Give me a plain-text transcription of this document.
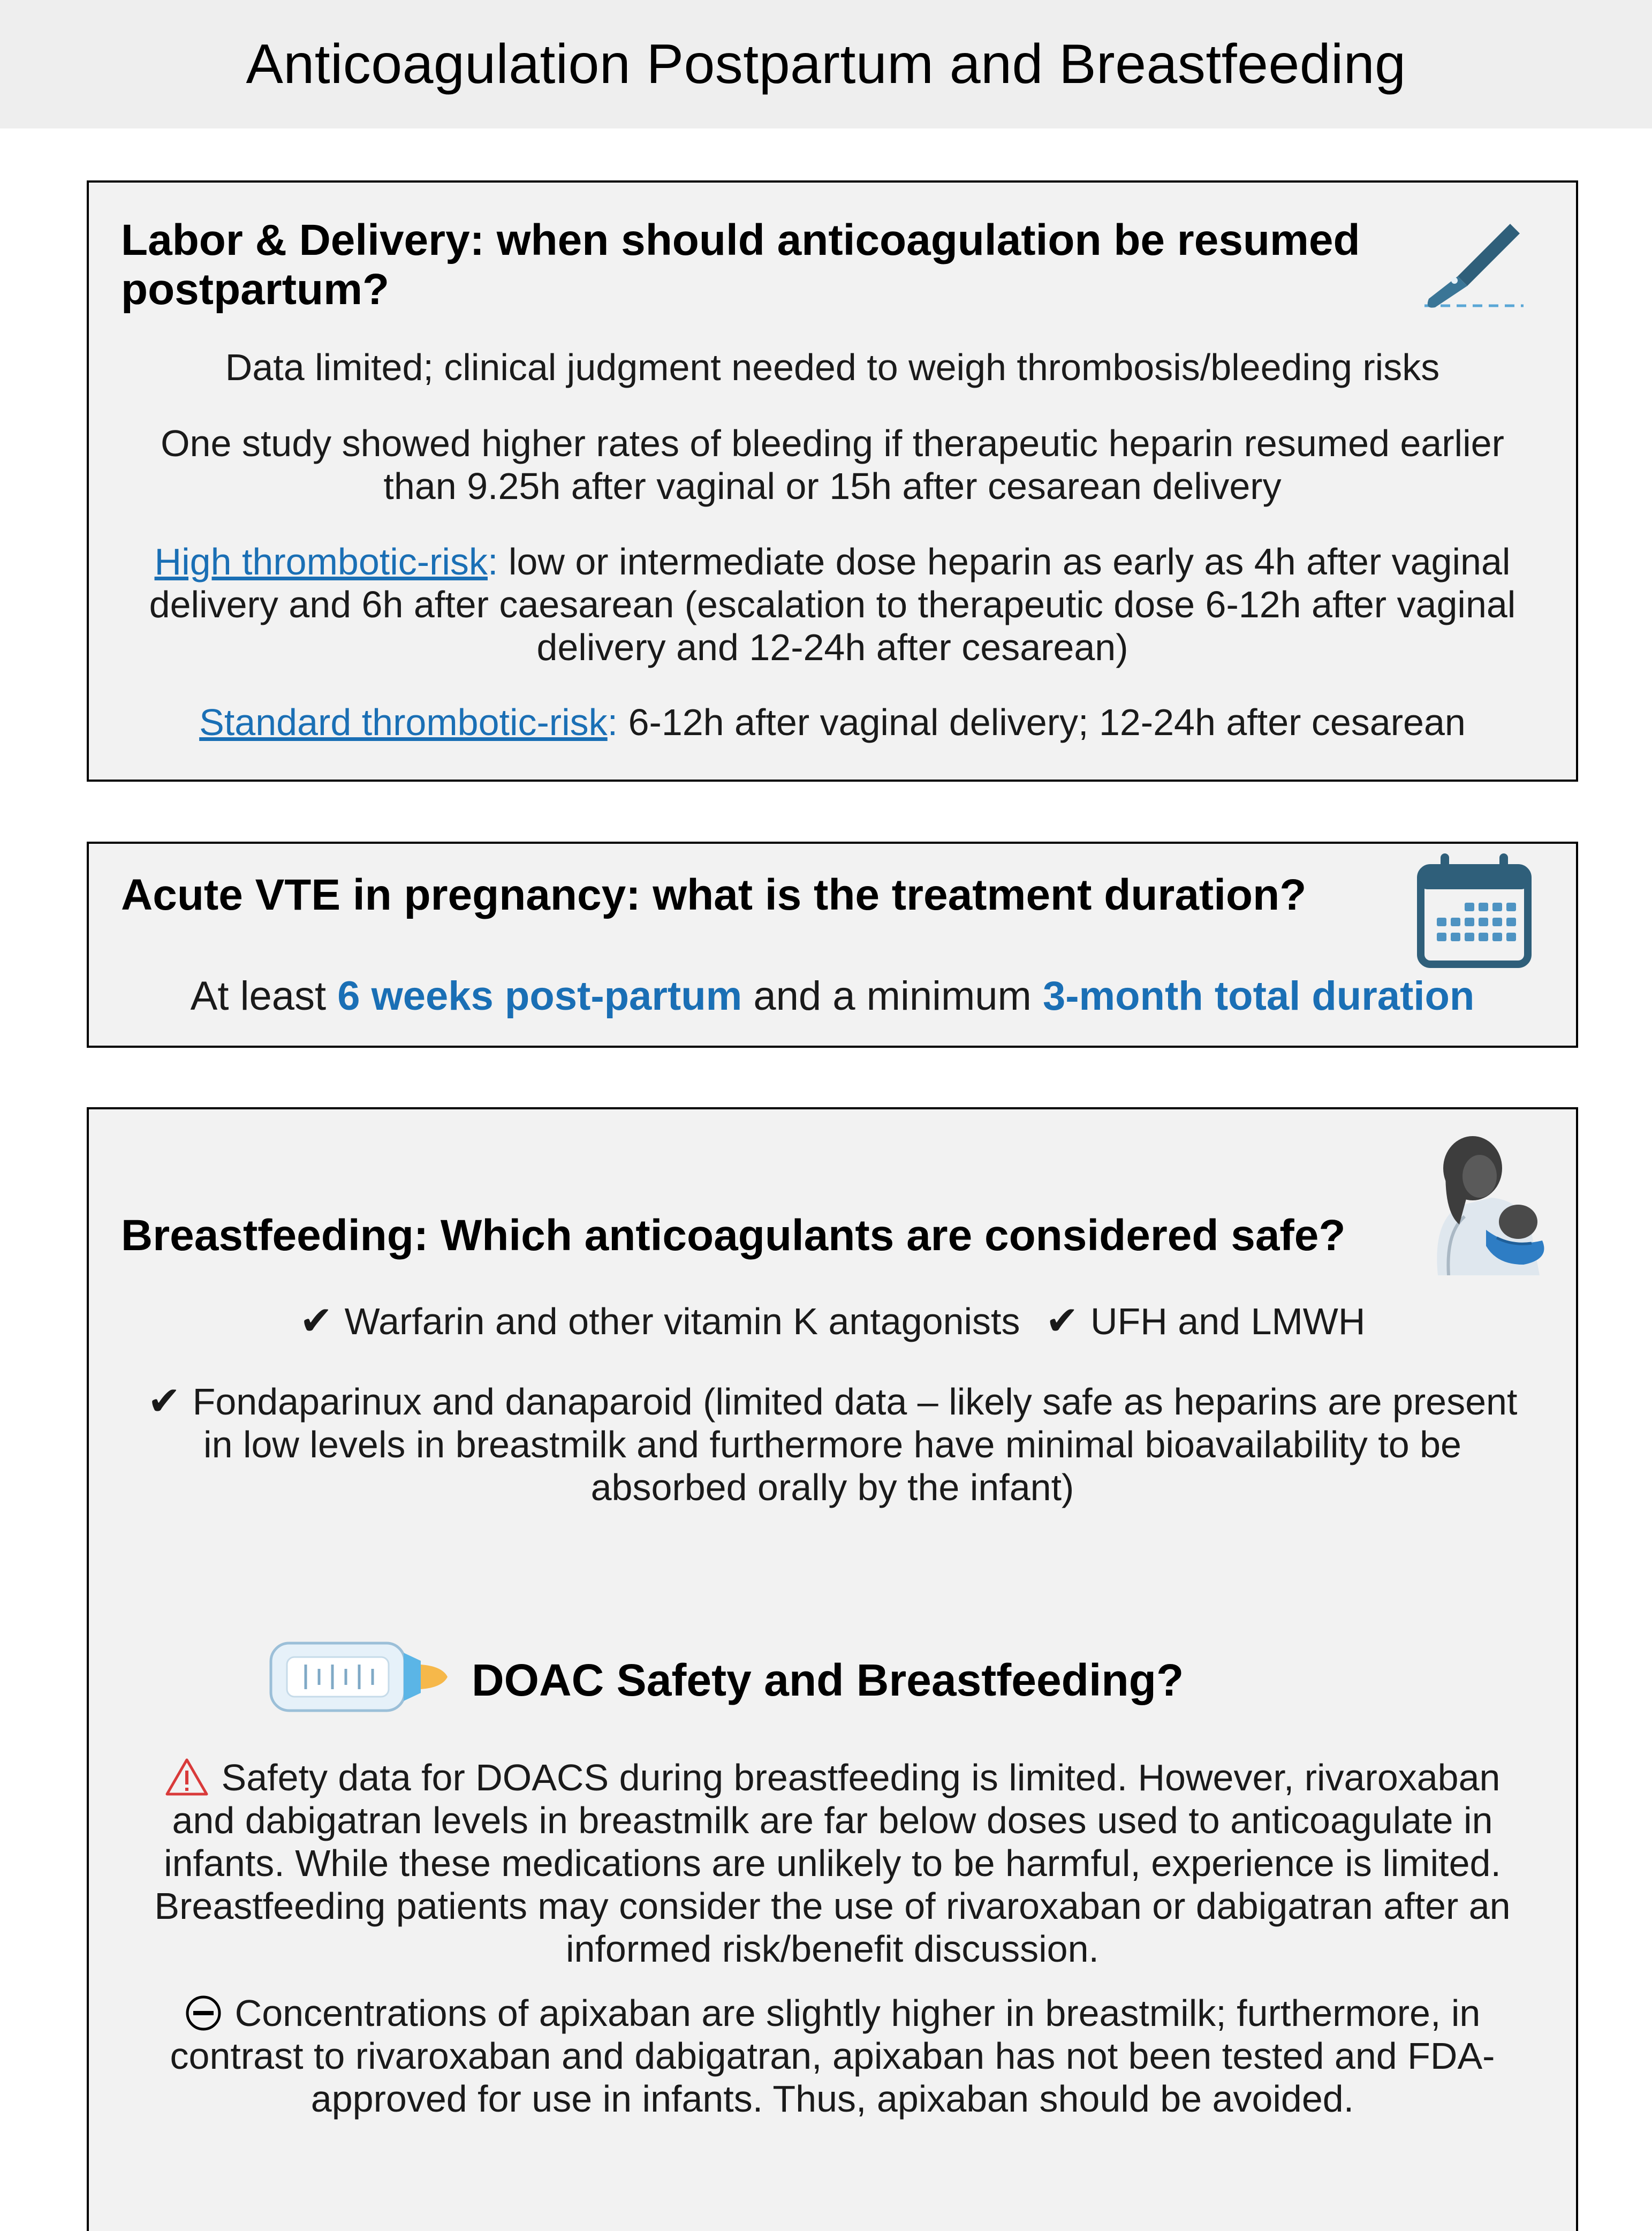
Anticoagulation Postpartum and Breastfeeding
Labor & Delivery: when should anticoagulation be resumed postpartum?
Data limited; clinical judgment needed to weigh thrombosis/bleeding risks
One study showed higher rates of bleeding if therapeutic heparin resumed earlier
than 9.25h after vaginal or 15h after cesarean delivery
High thrombotic-risk: low or intermediate dose heparin as early as 4h after vaginal
delivery and 6h after caesarean (escalation to therapeutic dose 6-12h after vaginal
delivery and 12-24h after cesarean)
Standard thrombotic-risk: 6-12h after vaginal delivery; 12-24h after cesarean
Acute VTE in pregnancy: what is the treatment duration?
At least 6 weeks post-partum and a minimum 3-month total duration
Breastfeeding: Which anticoagulants are considered safe?
✔ Warfarin and other vitamin K antagonists ✔ UFH and LMWH
✔ Fondaparinux and danaparoid (limited data – likely safe as heparins are present
in low levels in breastmilk and furthermore have minimal bioavailability to be
absorbed orally by the infant)
DOAC Safety and Breastfeeding?
Safety data for DOACS during breastfeeding is limited. However, rivaroxaban
and dabigatran levels in breastmilk are far below doses used to anticoagulate in
infants. While these medications are unlikely to be harmful, experience is limited.
Breastfeeding patients may consider the use of rivaroxaban or dabigatran after an
informed risk/benefit discussion.
Concentrations of apixaban are slightly higher in breastmilk; furthermore, in
contrast to rivaroxaban and dabigatran, apixaban has not been tested and FDA-
approved for use in infants. Thus, apixaban should be avoided.
